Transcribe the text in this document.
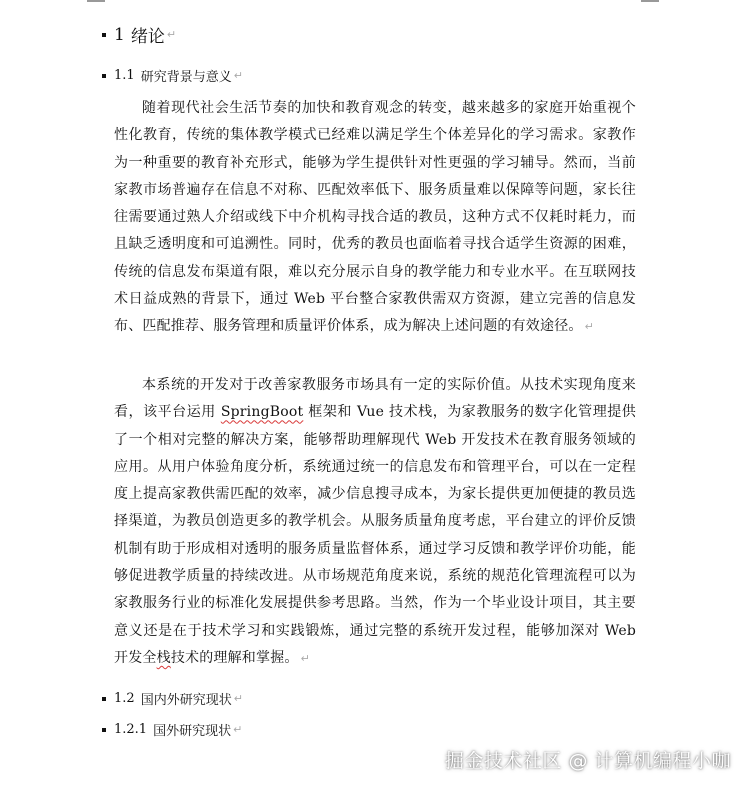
1 绪论 ↵
1.1 研究背景与意义 ↵

随着现代社会生活节奏的加快和教育观念的转变，越来越多的家庭开始重视个性化教育，传统的集体教学模式已经难以满足学生个体差异化的学习需求。家教作为一种重要的教育补充形式，能够为学生提供针对性更强的学习辅导。然而，当前家教市场普遍存在信息不对称、匹配效率低下、服务质量难以保障等问题，家长往往需要通过熟人介绍或线下中介机构寻找合适的教员，这种方式不仅耗时耗力，而且缺乏透明度和可追溯性。同时，优秀的教员也面临着寻找合适学生资源的困难，传统的信息发布渠道有限，难以充分展示自身的教学能力和专业水平。在互联网技术日益成熟的背景下，通过 Web 平台整合家教供需双方资源，建立完善的信息发布、匹配推荐、服务管理和质量评价体系，成为解决上述问题的有效途径。 ↵

本系统的开发对于改善家教服务市场具有一定的实际价值。从技术实现角度来看，该平台运用 SpringBoot 框架和 Vue 技术栈，为家教服务的数字化管理提供了一个相对完整的解决方案，能够帮助理解现代 Web 开发技术在教育服务领域的应用。从用户体验角度分析，系统通过统一的信息发布和管理平台，可以在一定程度上提高家教供需匹配的效率，减少信息搜寻成本，为家长提供更加便捷的教员选择渠道，为教员创造更多的教学机会。从服务质量角度考虑，平台建立的评价反馈机制有助于形成相对透明的服务质量监督体系，通过学习反馈和教学评价功能，能够促进教学质量的持续改进。从市场规范角度来说，系统的规范化管理流程可以为家教服务行业的标准化发展提供参考思路。当然，作为一个毕业设计项目，其主要意义还是在于技术学习和实践锻炼，通过完整的系统开发过程，能够加深对 Web 开发全栈技术的理解和掌握。 ↵

1.2 国内外研究现状 ↵
1.2.1 国外研究现状 ↵
掘金技术社区 @ 计算机编程小咖
